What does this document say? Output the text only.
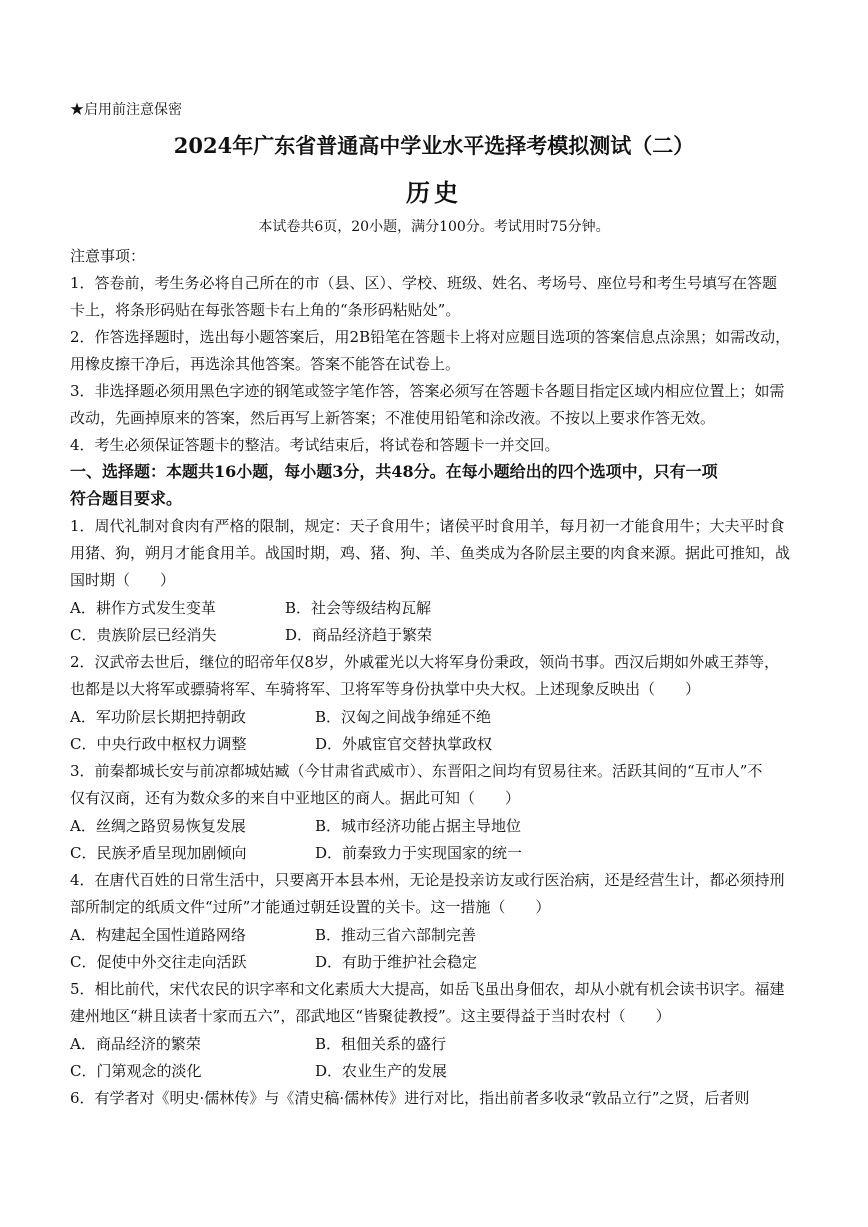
★启用前注意保密
2024年广东省普通高中学业水平选择考模拟测试（二）
历史
本试卷共6页，20小题，满分100分。考试用时75分钟。
注意事项：
1．答卷前，考生务必将自己所在的市（县、区）、学校、班级、姓名、考场号、座位号和考生号填写在答题
卡上，将条形码贴在每张答题卡右上角的“条形码粘贴处”。
2．作答选择题时，选出每小题答案后，用2B铅笔在答题卡上将对应题目选项的答案信息点涂黑；如需改动，
用橡皮擦干净后，再选涂其他答案。答案不能答在试卷上。
3．非选择题必须用黑色字迹的钢笔或签字笔作答，答案必须写在答题卡各题目指定区域内相应位置上；如需
改动，先画掉原来的答案，然后再写上新答案；不准使用铅笔和涂改液。不按以上要求作答无效。
4．考生必须保证答题卡的整洁。考试结束后，将试卷和答题卡一并交回。
一、选择题：本题共16小题，每小题3分，共48分。在每小题给出的四个选项中，只有一项
符合题目要求。
1．周代礼制对食肉有严格的限制，规定：天子食用牛；诸侯平时食用羊，每月初一才能食用牛；大夫平时食
用猪、狗，朔月才能食用羊。战国时期，鸡、猪、狗、羊、鱼类成为各阶层主要的肉食来源。据此可推知，战
国时期（　　）
A．耕作方式发生变革	B．社会等级结构瓦解
C．贵族阶层已经消失	D．商品经济趋于繁荣
2．汉武帝去世后，继位的昭帝年仅8岁，外戚霍光以大将军身份秉政，领尚书事。西汉后期如外戚王莽等，
也都是以大将军或骠骑将军、车骑将军、卫将军等身份执掌中央大权。上述现象反映出（　　）
A．军功阶层长期把持朝政	B．汉匈之间战争绵延不绝
C．中央行政中枢权力调整	D．外戚宦官交替执掌政权
3．前秦都城长安与前凉都城姑臧（今甘肃省武威市）、东晋阳之间均有贸易往来。活跃其间的“互市人”不
仅有汉商，还有为数众多的来自中亚地区的商人。据此可知（　　）
A．丝绸之路贸易恢复发展	B．城市经济功能占据主导地位
C．民族矛盾呈现加剧倾向	D．前秦致力于实现国家的统一
4．在唐代百姓的日常生活中，只要离开本县本州，无论是投亲访友或行医治病，还是经营生计，都必须持刑
部所制定的纸质文件“过所”才能通过朝廷设置的关卡。这一措施（　　）
A．构建起全国性道路网络	B．推动三省六部制完善
C．促使中外交往走向活跃	D．有助于维护社会稳定
5．相比前代，宋代农民的识字率和文化素质大大提高，如岳飞虽出身佃农，却从小就有机会读书识字。福建
建州地区“耕且读者十家而五六”，邵武地区“皆聚徒教授”。这主要得益于当时农村（　　）
A．商品经济的繁荣	B．租佃关系的盛行
C．门第观念的淡化	D．农业生产的发展
6．有学者对《明史·儒林传》与《清史稿·儒林传》进行对比，指出前者多收录“敦品立行”之贤，后者则
